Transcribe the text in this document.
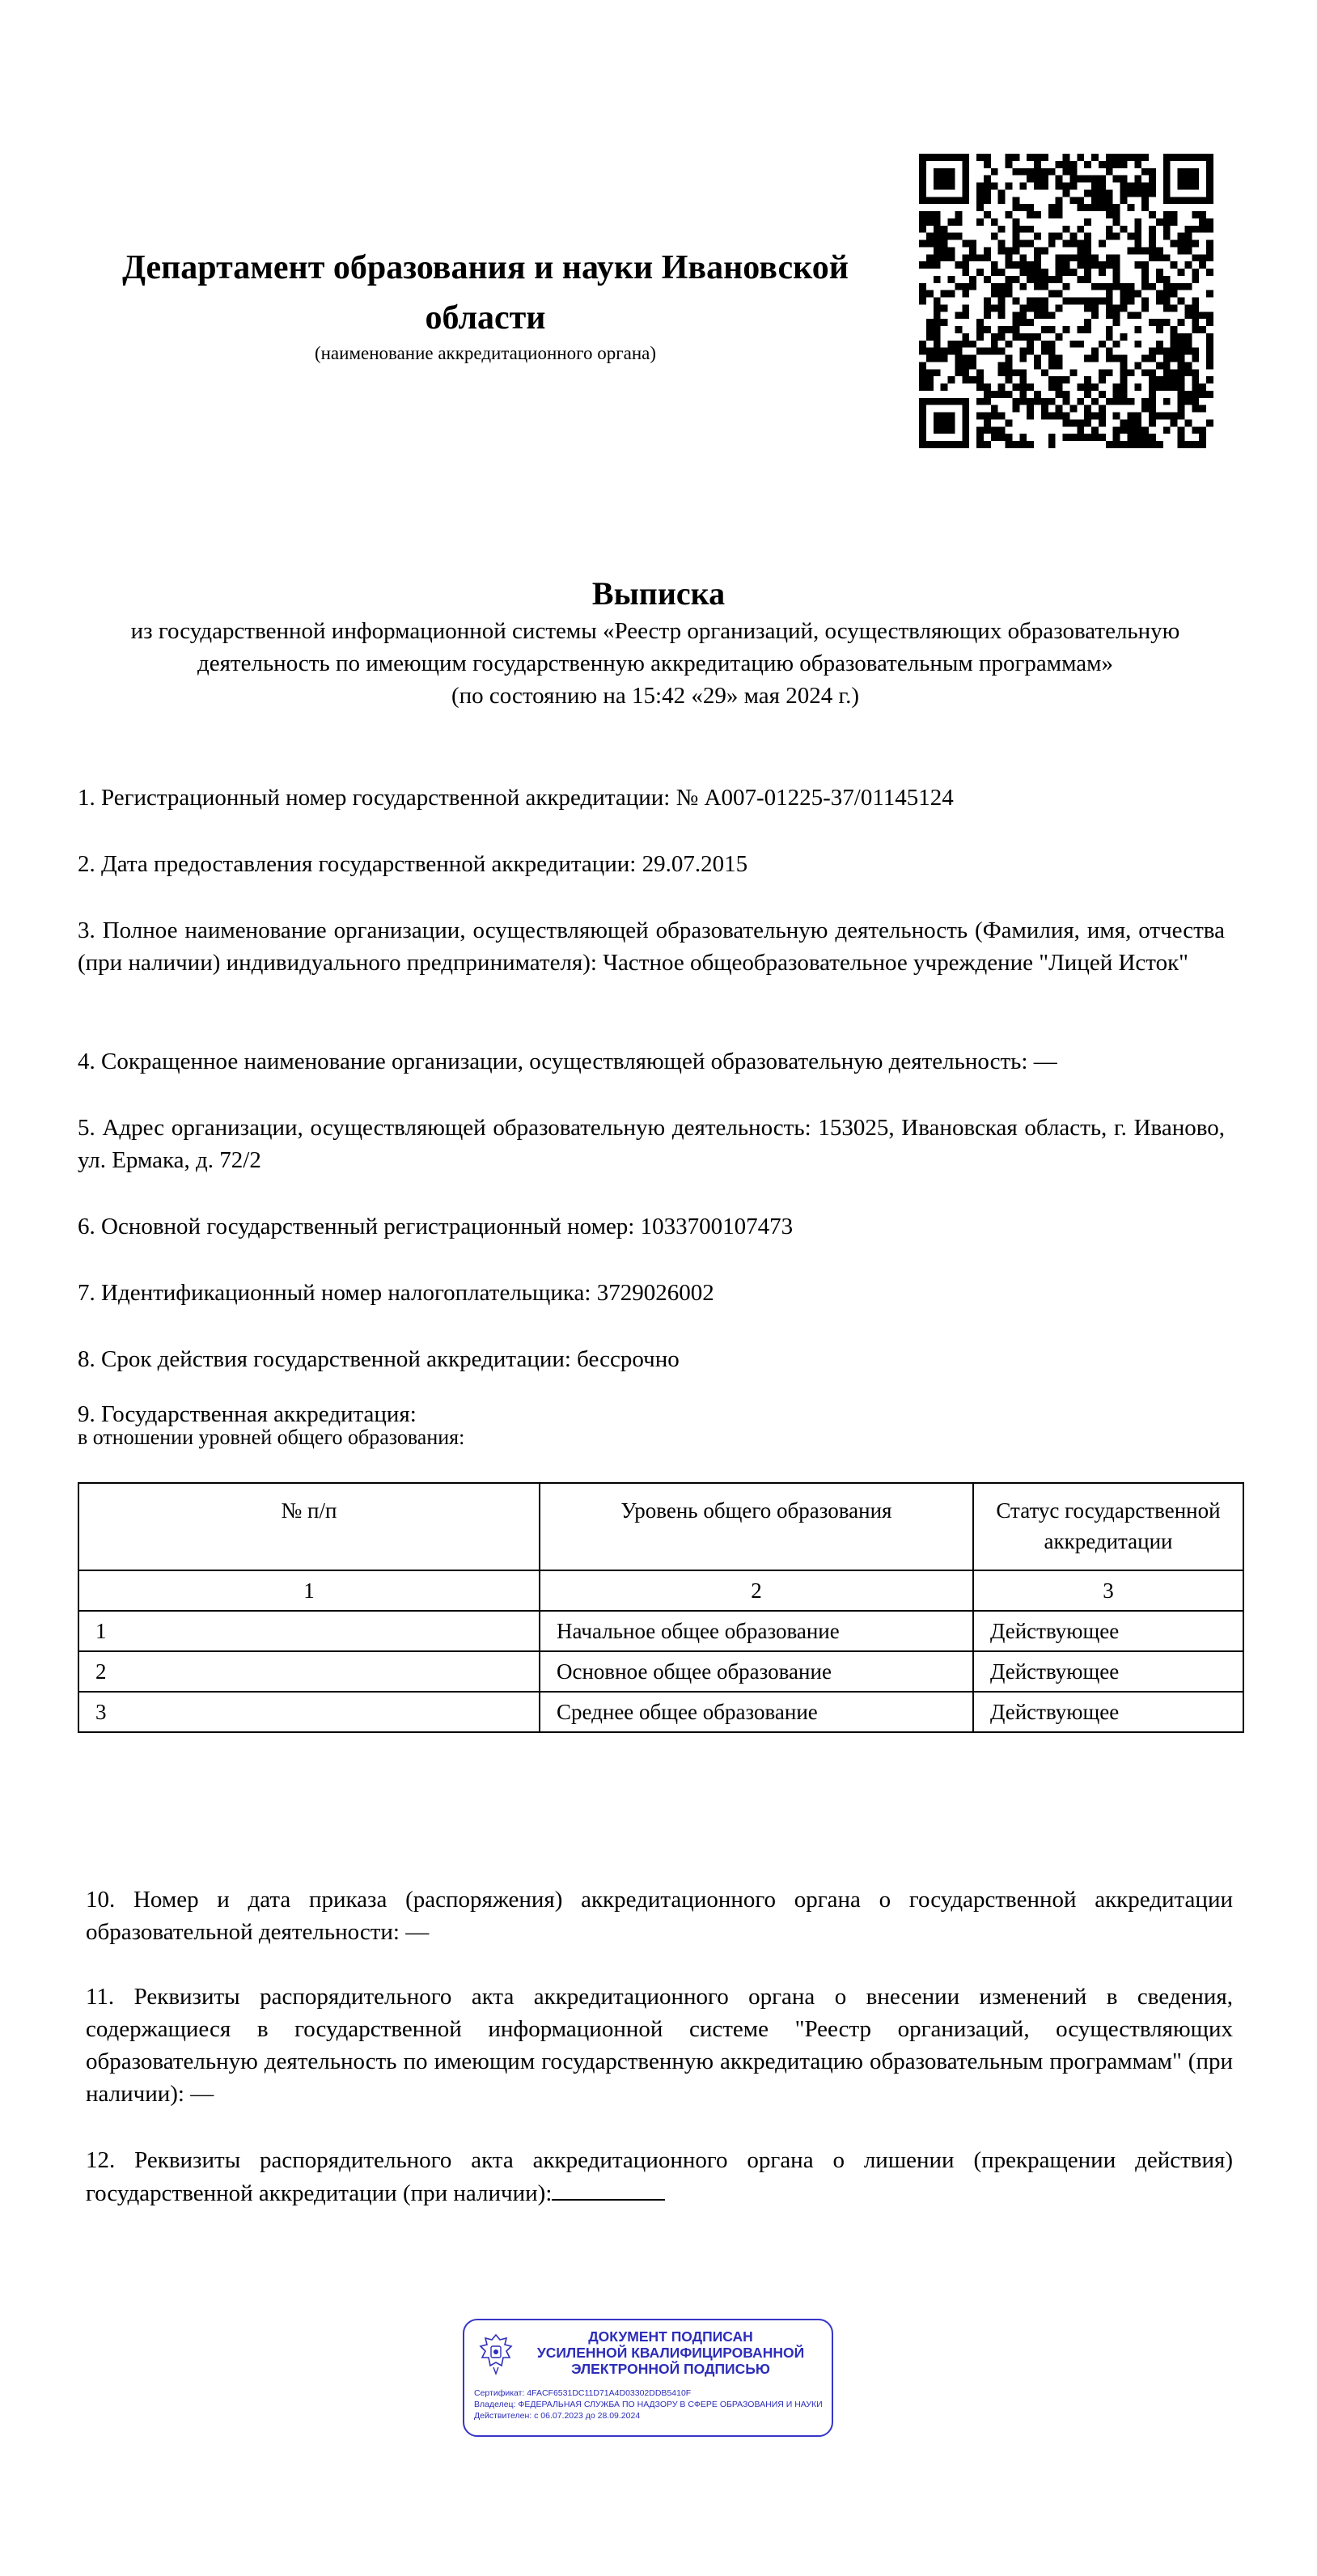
Департамент образования и науки Ивановской области
(наименование аккредитационного органа)
Выписка
из государственной информационной системы «Реестр организаций, осуществляющих образовательную
деятельность по имеющим государственную аккредитацию образовательным программам»
(по состоянию на 15:42 «29» мая 2024 г.)
1. Регистрационный номер государственной аккредитации: № А007-01225-37/01145124
2. Дата предоставления государственной аккредитации: 29.07.2015
3. Полное наименование организации, осуществляющей образовательную деятельность (Фамилия, имя, отчества (при наличии) индивидуального предпринимателя): Частное общеобразовательное учреждение "Лицей Исток"
4. Сокращенное наименование организации, осуществляющей образовательную деятельность: —
5. Адрес организации, осуществляющей образовательную деятельность: 153025, Ивановская область, г. Иваново, ул. Ермака, д. 72/2
6. Основной государственный регистрационный номер: 1033700107473
7. Идентификационный номер налогоплательщика: 3729026002
8. Срок действия государственной аккредитации: бессрочно
9. Государственная аккредитация:
в отношении уровней общего образования:
№ п/п	Уровень общего образования	Статус государственной аккредитации
1	2	3
1	Начальное общее образование	Действующее
2	Основное общее образование	Действующее
3	Среднее общее образование	Действующее
10. Номер и дата приказа (распоряжения) аккредитационного органа о государственной аккредитации образовательной деятельности: —
11. Реквизиты распорядительного акта аккредитационного органа о внесении изменений в сведения, содержащиеся в государственной информационной системе "Реестр организаций, осуществляющих образовательную деятельность по имеющим государственную аккредитацию образовательным программам" (при наличии): —
12. Реквизиты распорядительного акта аккредитационного органа о лишении (прекращении действия) государственной аккредитации (при наличии):
ДОКУМЕНТ ПОДПИСАН
УСИЛЕННОЙ КВАЛИФИЦИРОВАННОЙ
ЭЛЕКТРОННОЙ ПОДПИСЬЮ
Сертификат: 4FACF6531DC11D71A4D03302DDB5410F
Владелец: ФЕДЕРАЛЬНАЯ СЛУЖБА ПО НАДЗОРУ В СФЕРЕ ОБРАЗОВАНИЯ И НАУКИ
Действителен: с 06.07.2023 до 28.09.2024
